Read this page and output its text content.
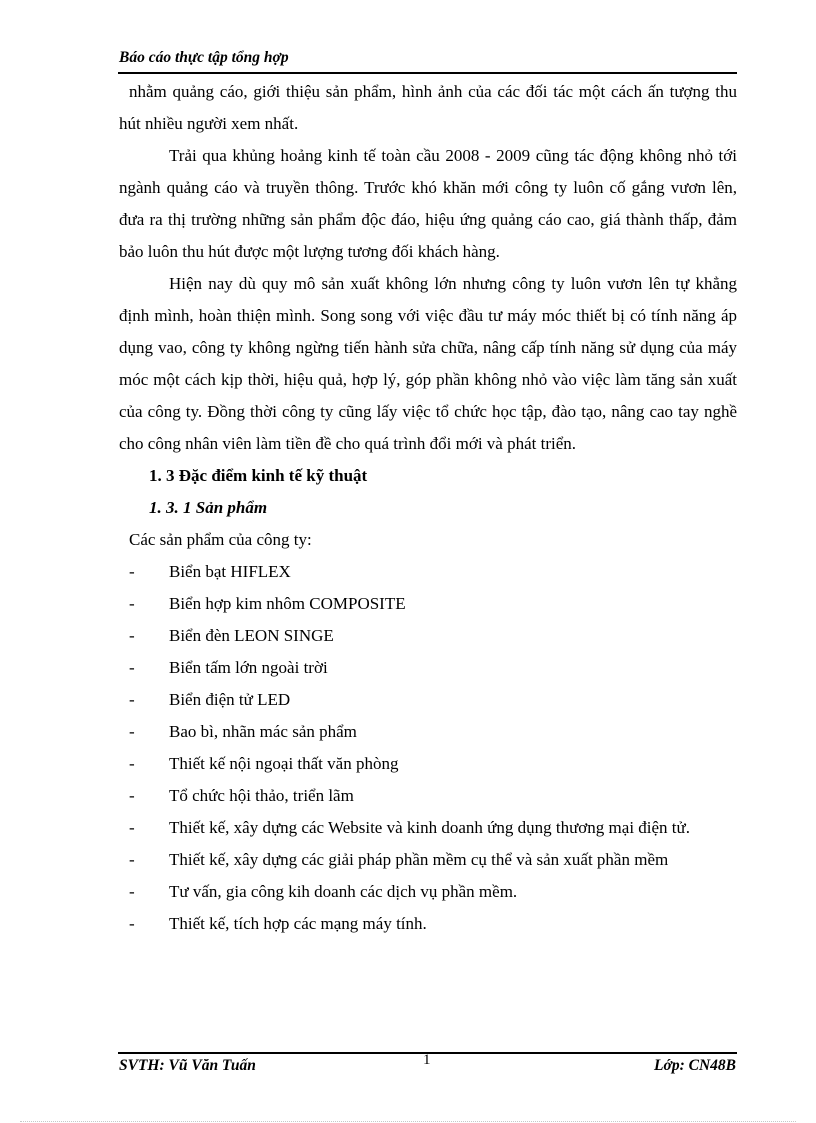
Báo cáo thực tập tổng hợp

nhằm quảng cáo, giới thiệu sản phẩm, hình ảnh của các đối tác một cách ấn tượng thu hút nhiều người xem nhất.

Trải qua khủng hoảng kinh tế toàn cầu 2008 - 2009 cũng tác động không nhỏ tới ngành quảng cáo và truyền thông. Trước khó khăn mới công ty luôn cố gắng vươn lên, đưa ra thị trường những sản phẩm độc đáo, hiệu ứng quảng cáo cao, giá thành thấp, đảm bảo luôn thu hút được một lượng tương đối khách hàng.

Hiện nay dù quy mô sản xuất không lớn nhưng công ty luôn vươn lên tự khẳng định mình, hoàn thiện mình. Song song với việc đầu tư máy móc thiết bị có tính năng áp dụng vao, công ty không ngừng tiến hành sửa chữa, nâng cấp tính năng sử dụng của máy móc một cách kịp thời, hiệu quả, hợp lý, góp phần không nhỏ vào việc làm tăng sản xuất của công ty. Đồng thời công ty cũng lấy việc tổ chức học tập, đào tạo, nâng cao tay nghề cho công nhân viên làm tiền đề cho quá trình đổi mới và phát triển.

1. 3 Đặc điểm kinh tế kỹ thuật

1. 3. 1 Sản phẩm

Các sản phẩm của công ty:

- Biển bạt HIFLEX
- Biển hợp kim nhôm COMPOSITE
- Biển đèn LEON SINGE
- Biển tấm lớn ngoài trời
- Biển điện tử LED
- Bao bì, nhãn mác sản phẩm
- Thiết kế nội ngoại thất văn phòng
- Tổ chức hội thảo, triển lãm
- Thiết kế, xây dựng các Website và kinh doanh ứng dụng thương mại điện tử.
- Thiết kế, xây dựng các giải pháp phần mềm cụ thể và sản xuất phần mềm
- Tư vấn, gia công kih doanh các dịch vụ phần mềm.
- Thiết kế, tích hợp các mạng máy tính.
SVTH: Vũ Văn Tuấn	1	Lớp: CN48B
